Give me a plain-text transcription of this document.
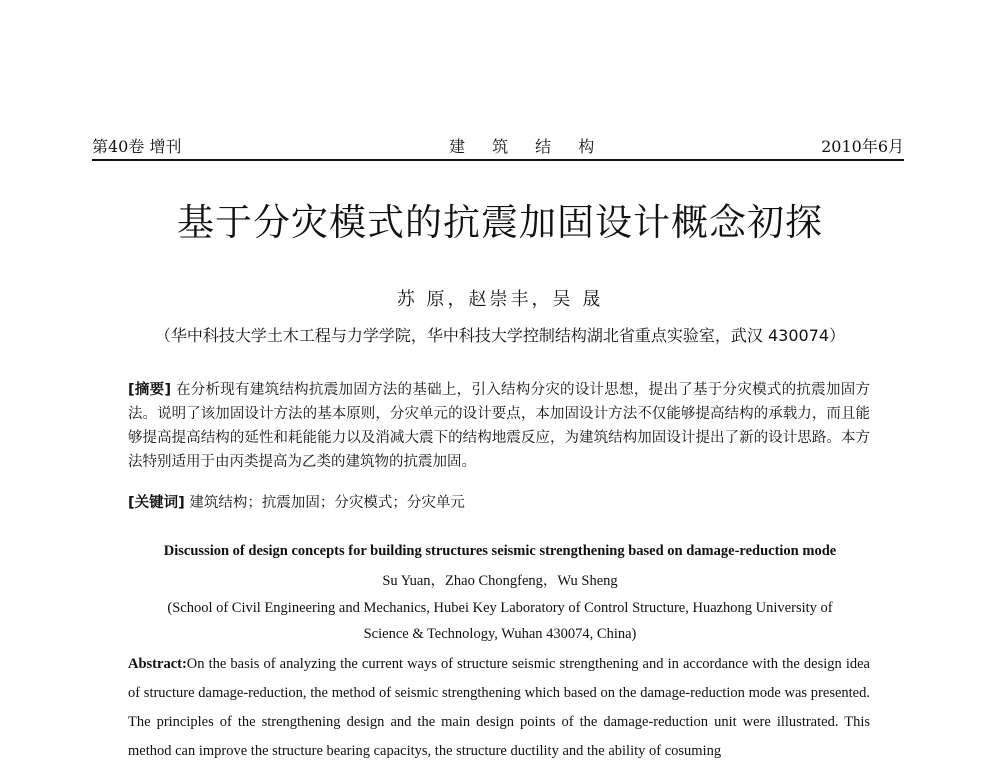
第40卷 增刊	建 筑 结 构	2010年6月
基于分灾模式的抗震加固设计概念初探
苏 原，赵崇丰，吴 晟
（华中科技大学土木工程与力学学院，华中科技大学控制结构湖北省重点实验室，武汉 430074）
[摘要] 在分析现有建筑结构抗震加固方法的基础上，引入结构分灾的设计思想，提出了基于分灾模式的抗震加固方法。说明了该加固设计方法的基本原则，分灾单元的设计要点，本加固设计方法不仅能够提高结构的承载力，而且能够提高提高结构的延性和耗能能力以及消减大震下的结构地震反应，为建筑结构加固设计提出了新的设计思路。本方法特别适用于由丙类提高为乙类的建筑物的抗震加固。
[关键词] 建筑结构；抗震加固；分灾模式；分灾单元
Discussion of design concepts for building structures seismic strengthening based on damage-reduction mode
Su Yuan，Zhao Chongfeng，Wu Sheng
(School of Civil Engineering and Mechanics, Hubei Key Laboratory of Control Structure, Huazhong University of Science & Technology, Wuhan 430074, China)
Abstract:On the basis of analyzing the current ways of structure seismic strengthening and in accordance with the design idea of structure damage-reduction, the method of seismic strengthening which based on the damage-reduction mode was presented. The principles of the strengthening design and the main design points of the damage-reduction unit were illustrated. This method can improve the structure bearing capacitys, the structure ductility and the ability of cosuming
